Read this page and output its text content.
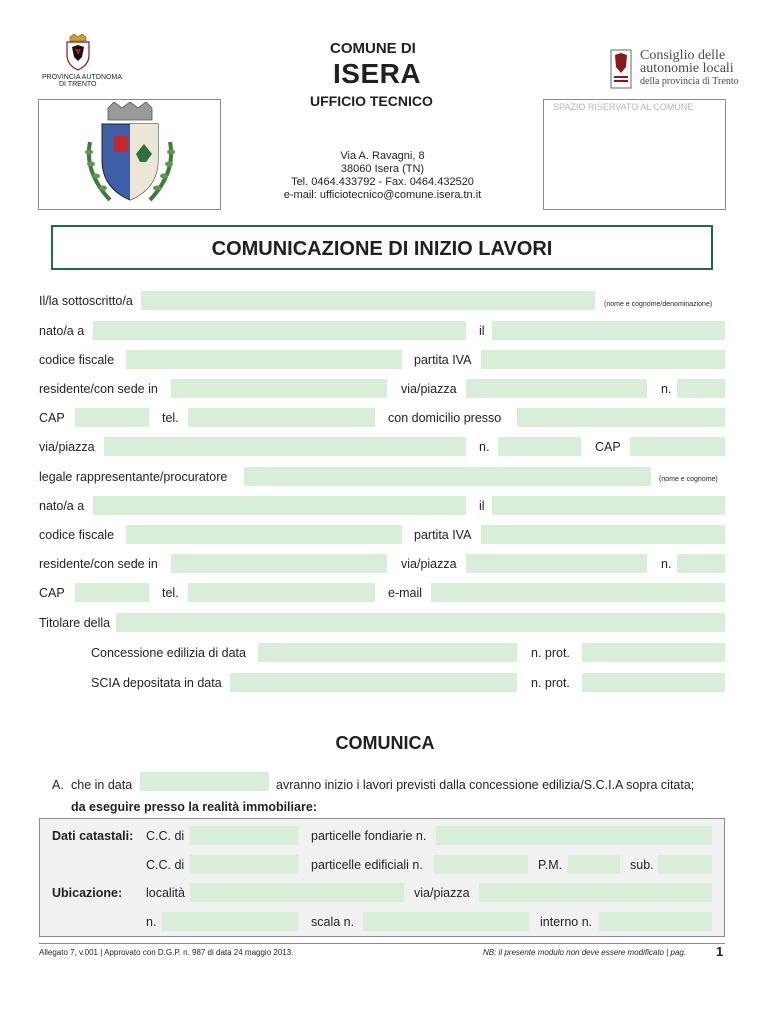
PROVINCIA AUTONOMA
DI TRENTO
COMUNE DI
ISERA
UFFICIO TECNICO
Via A. Ravagni, 8
38060 Isera (TN)
Tel. 0464.433792 - Fax. 0464.432520
e-mail: ufficiotecnico@comune.isera.tn.it
Consiglio delle
autonomie locali
della provincia di Trento
SPAZIO RISERVATO AL COMUNE
COMUNICAZIONE DI INIZIO LAVORI
Il/la sottoscritto/a	(nome e cognome/denominazione)
nato/a a	il
codice fiscale	partita IVA
residente/con sede in	via/piazza	n.
CAP	tel.	con domicilio presso
via/piazza	n.	CAP
legale rappresentante/procuratore	(nome e cognome)
nato/a a	il
codice fiscale	partita IVA
residente/con sede in	via/piazza	n.
CAP	tel.	e-mail
Titolare della
Concessione edilizia di data	n. prot.
SCIA depositata in data	n. prot.
COMUNICA
A. che in data	avranno inizio i lavori previsti dalla concessione edilizia/S.C.I.A sopra citata;
da eseguire presso la realità immobiliare:
Dati catastali: C.C. di	particelle fondiarie n.
C.C. di	particelle edificiali n.	P.M.	sub.
Ubicazione: località	via/piazza
n.	scala n.	interno n.
Allegato 7, v.001 | Approvato con D.G.P. n. 987 di data 24 maggio 2013.	NB: il presente modulo non deve essere modificato | pag. 1
